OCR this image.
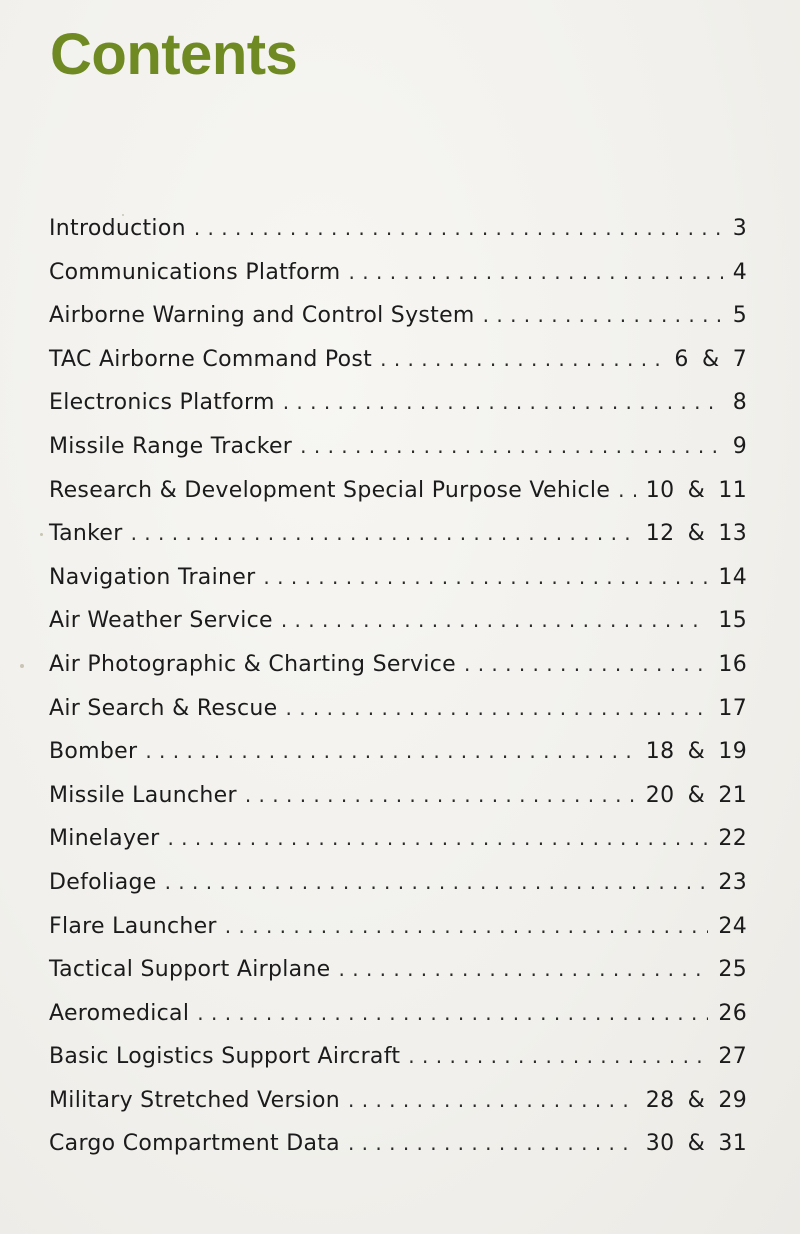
Contents
Introduction . . .	3
Communications Platform . . .	4
Airborne Warning and Control System . . .	5
TAC Airborne Command Post . . .	6 & 7
Electronics Platform . . .	8
Missile Range Tracker . . .	9
Research & Development Special Purpose Vehicle . . .	10 & 11
Tanker . . .	12 & 13
Navigation Trainer . . .	14
Air Weather Service . . .	15
Air Photographic & Charting Service . . .	16
Air Search & Rescue . . .	17
Bomber . . .	18 & 19
Missile Launcher . . .	20 & 21
Minelayer . . .	22
Defoliage . . .	23
Flare Launcher . . .	24
Tactical Support Airplane . . .	25
Aeromedical . . .	26
Basic Logistics Support Aircraft . . .	27
Military Stretched Version . . .	28 & 29
Cargo Compartment Data . . .	30 & 31
